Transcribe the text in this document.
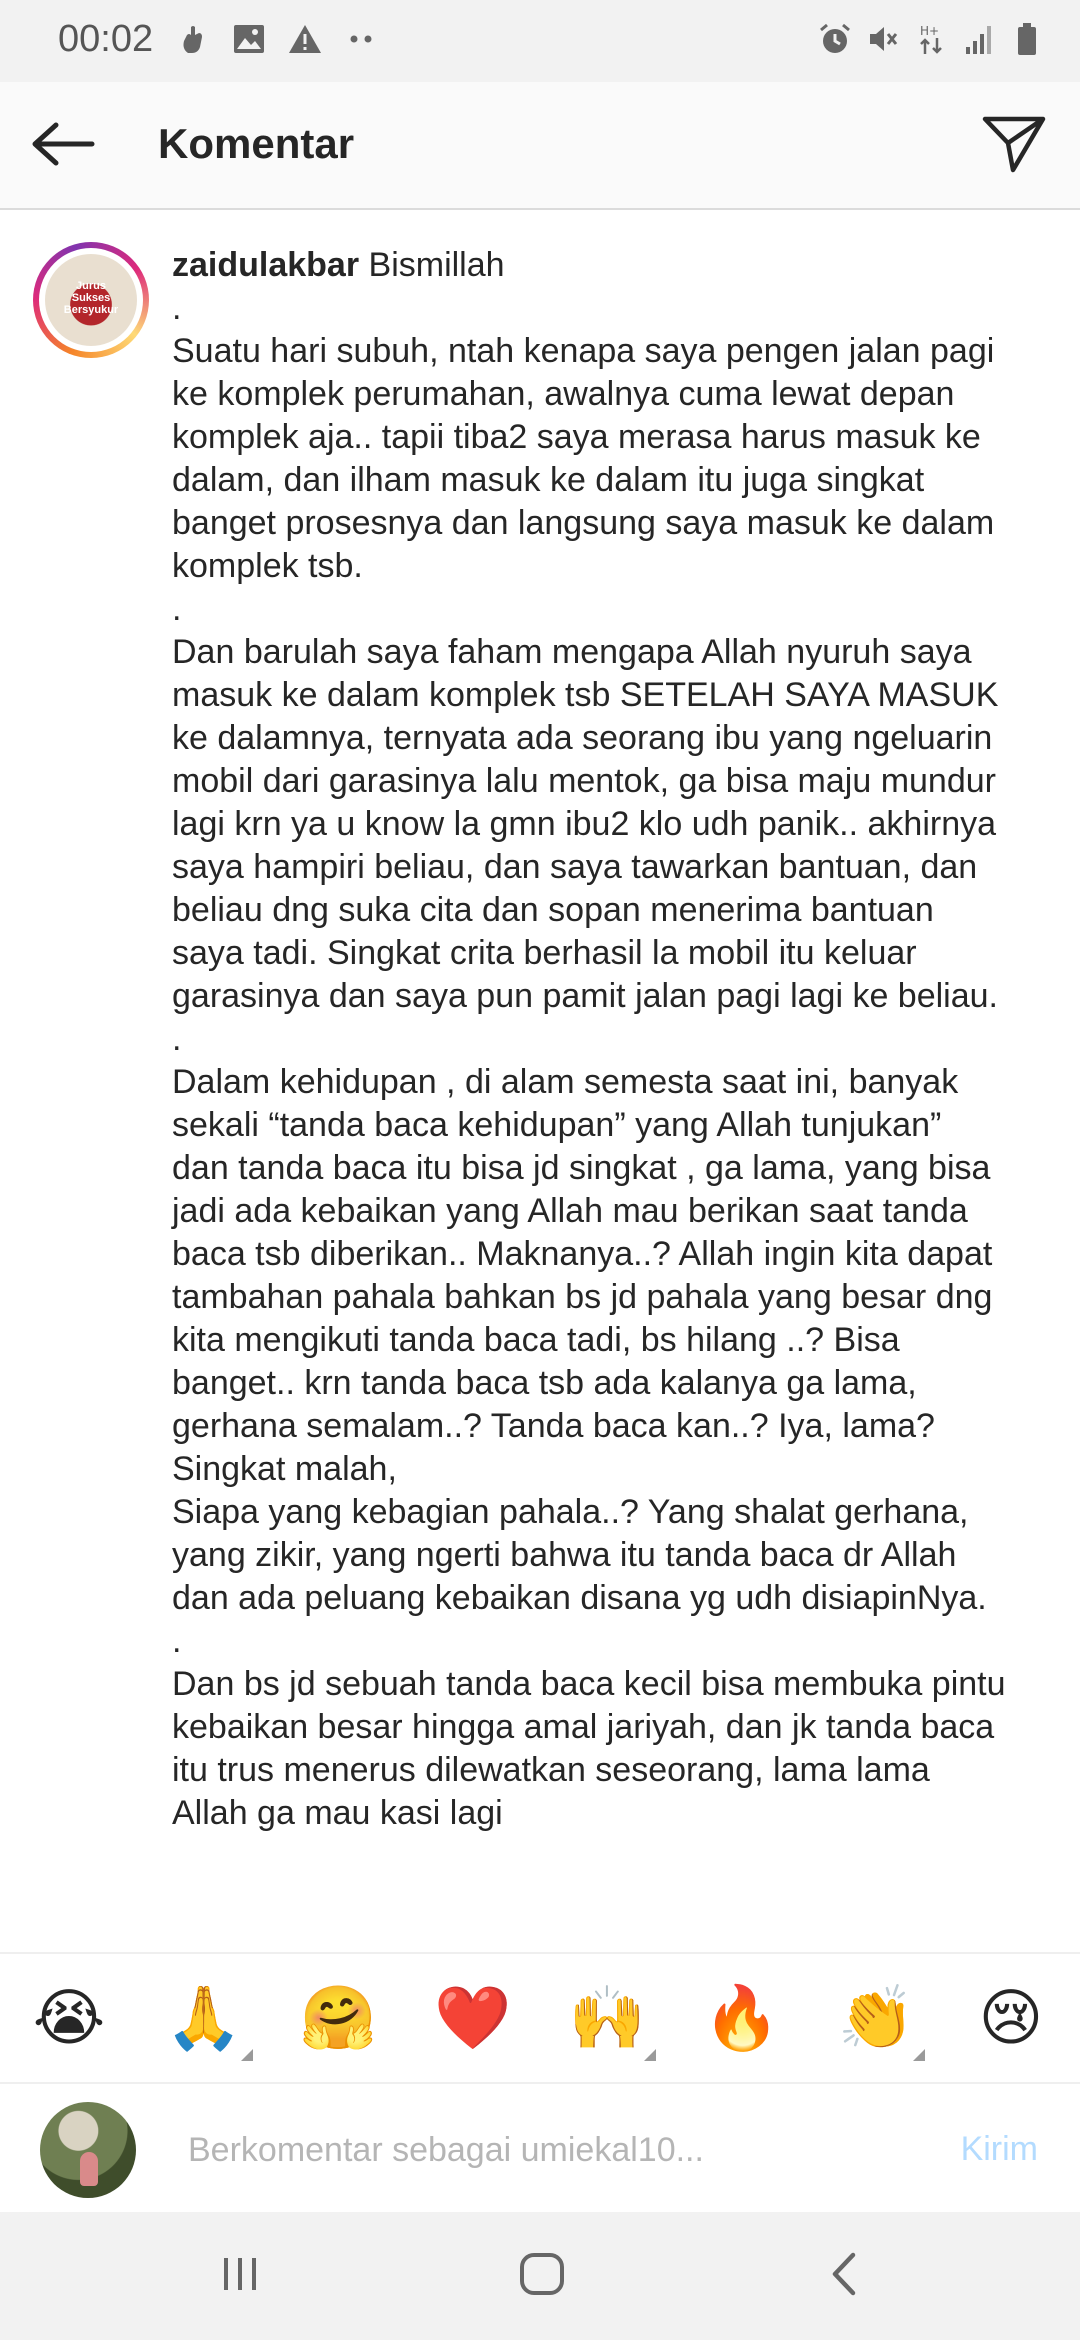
00:02	H+
Komentar
Jurus Sukses Bersyukur
zaidulakbar Bismillah
.
Suatu hari subuh, ntah kenapa saya pengen jalan pagi ke komplek perumahan, awalnya cuma lewat depan komplek aja.. tapii tiba2 saya merasa harus masuk ke dalam, dan ilham masuk ke dalam itu juga singkat banget prosesnya dan langsung saya masuk ke dalam komplek tsb.
.
Dan barulah saya faham mengapa Allah nyuruh saya masuk ke dalam komplek tsb SETELAH SAYA MASUK ke dalamnya, ternyata ada seorang ibu yang ngeluarin mobil dari garasinya lalu mentok, ga bisa maju mundur lagi krn ya u know la gmn ibu2 klo udh panik.. akhirnya saya hampiri beliau, dan saya tawarkan bantuan, dan beliau dng suka cita dan sopan menerima bantuan saya tadi. Singkat crita berhasil la mobil itu keluar garasinya dan saya pun pamit jalan pagi lagi ke beliau.
.
Dalam kehidupan , di alam semesta saat ini, banyak sekali “tanda baca kehidupan” yang Allah tunjukan”  dan tanda baca itu bisa jd singkat , ga lama, yang bisa jadi ada kebaikan yang Allah mau berikan saat tanda baca tsb diberikan.. Maknanya..? Allah ingin kita dapat tambahan pahala bahkan bs jd pahala yang besar dng kita mengikuti tanda baca tadi, bs hilang ..? Bisa banget.. krn tanda baca tsb ada kalanya ga lama, gerhana semalam..? Tanda baca kan..? Iya, lama? Singkat malah,
Siapa yang kebagian pahala..? Yang shalat gerhana, yang zikir, yang ngerti bahwa itu tanda baca dr Allah dan ada peluang kebaikan disana yg udh disiapinNya.
.
Dan bs jd sebuah tanda baca kecil bisa membuka pintu kebaikan besar hingga amal jariyah, dan jk tanda baca itu trus menerus dilewatkan seseorang, lama lama Allah ga mau kasi lagi
😭 🙏 🤗 ❤️ 🙌 🔥 👏 😢
Berkomentar sebagai umiekal10...
Kirim
